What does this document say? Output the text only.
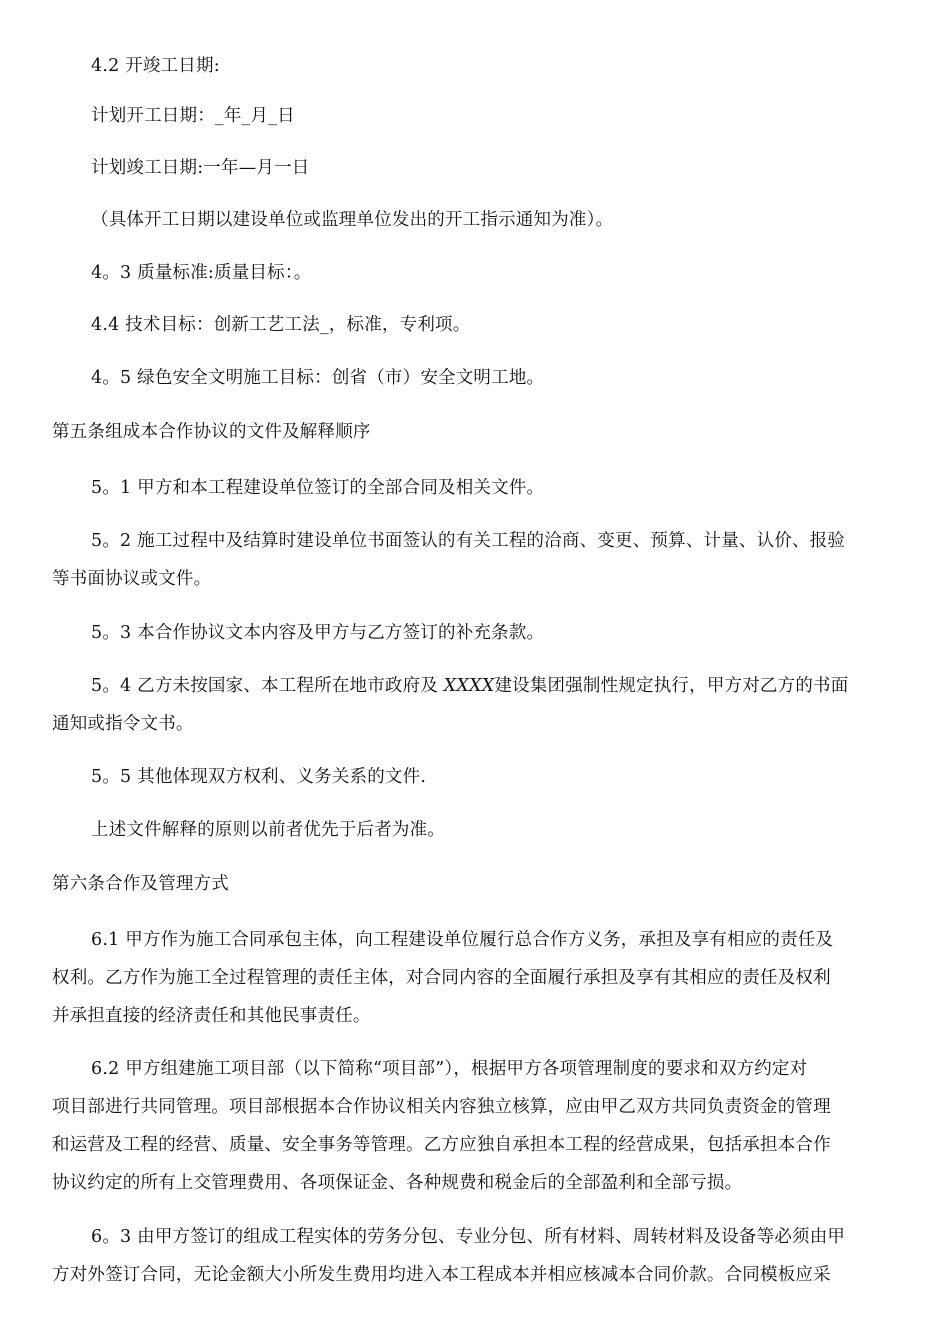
4.2 开竣工日期:
计划开工日期：_年_月_日
计划竣工日期:一年—月一日
（具体开工日期以建设单位或监理单位发出的开工指示通知为准）。
4。3 质量标准:质量目标：。
4.4 技术目标：创新工艺工法_，标准，专利项。
4。5 绿色安全文明施工目标：创省（市）安全文明工地。
第五条组成本合作协议的文件及解释顺序
5。1 甲方和本工程建设单位签订的全部合同及相关文件。
5。2 施工过程中及结算时建设单位书面签认的有关工程的洽商、变更、预算、计量、认价、报验
等书面协议或文件。
5。3 本合作协议文本内容及甲方与乙方签订的补充条款。
5。4 乙方未按国家、本工程所在地市政府及 XXXX建设集团强制性规定执行，甲方对乙方的书面
通知或指令文书。
5。5 其他体现双方权利、义务关系的文件.
上述文件解释的原则以前者优先于后者为准。
第六条合作及管理方式
6.1 甲方作为施工合同承包主体，向工程建设单位履行总合作方义务，承担及享有相应的责任及
权利。乙方作为施工全过程管理的责任主体，对合同内容的全面履行承担及享有其相应的责任及权利
并承担直接的经济责任和其他民事责任。
6.2 甲方组建施工项目部（以下简称“项目部”），根据甲方各项管理制度的要求和双方约定对
项目部进行共同管理。项目部根据本合作协议相关内容独立核算，应由甲乙双方共同负责资金的管理
和运营及工程的经营、质量、安全事务等管理。乙方应独自承担本工程的经营成果，包括承担本合作
协议约定的所有上交管理费用、各项保证金、各种规费和税金后的全部盈利和全部亏损。
6。3 由甲方签订的组成工程实体的劳务分包、专业分包、所有材料、周转材料及设备等必须由甲
方对外签订合同，无论金额大小所发生费用均进入本工程成本并相应核减本合同价款。合同模板应采
